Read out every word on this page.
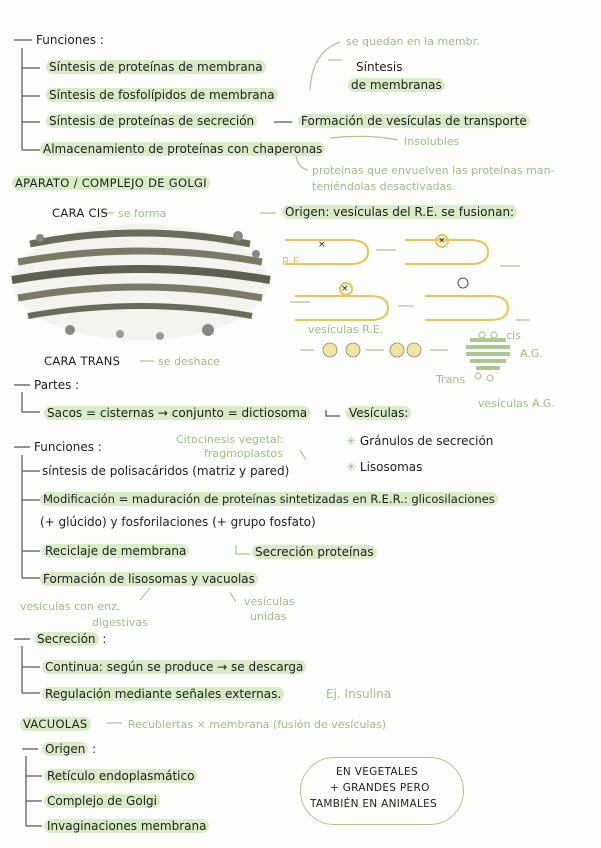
Funciones :
Síntesis de proteínas de membrana
Síntesis de fosfolípidos de membrana
Síntesis de proteínas de secreción
Almacenamiento de proteínas con chaperonas
se quedan en la membr.
Síntesis
de membranas
Formación de vesículas de transporte
Insolubles
proteínas que envuelven las proteínas man-
teniéndolas desactivadas.
APARATO / COMPLEJO DE GOLGI
CARA CIS se forma
CARA TRANS	se deshace
Origen: vesículas del R.E. se fusionan:
R.E.
vesículas R.E.	cis
A.G.
Trans
vesículas A.G.
×	×
×
Partes :
Sacos = cisternas → conjunto = dictiosoma	Vesículas:
✳ Gránulos de secreción
✳ Lisosomas
Funciones :
Citocinesis vegetal:
fragmoplastos
síntesis de polisacáridos (matriz y pared)
Modificación = maduración de proteínas sintetizadas en R.E.R.: glicosilaciones
(+ glúcido) y fosforilaciones (+ grupo fosfato)
Reciclaje de membrana	Secreción proteínas
Formación de lisosomas y vacuolas
vesículas con enz.
digestivas
vesículas
unidas
Secreción :
Continua: según se produce → se descarga
Regulación mediante señales externas.	Ej. Insulina
VACUOLAS	Recubiertas × membrana (fusión de vesículas)
Origen :
Retículo endoplasmático
Complejo de Golgi
Invaginaciones membrana
EN VEGETALES
+ GRANDES PERO
TAMBIÉN EN ANIMALES
